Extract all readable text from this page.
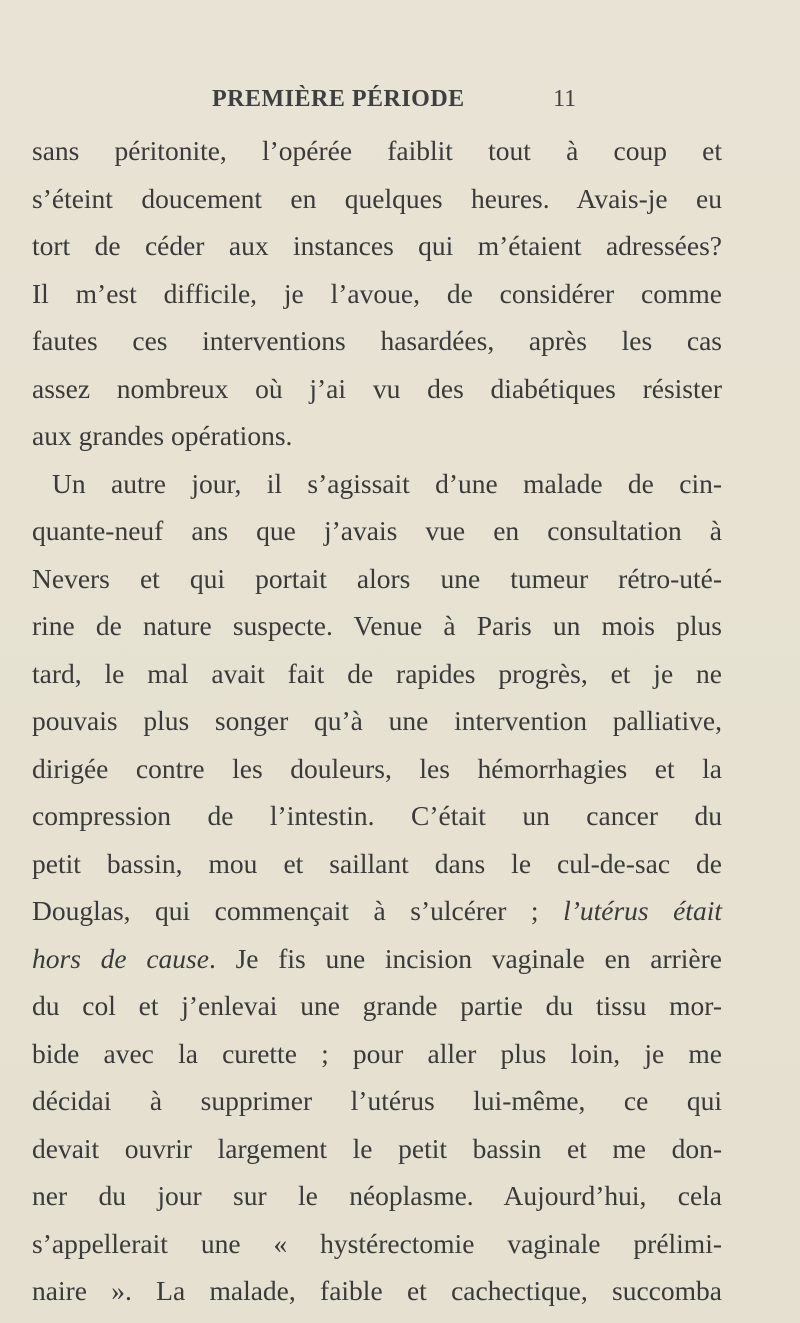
PREMIÈRE PÉRIODE	11
sans péritonite, l’opérée faiblit tout à coup et
s’éteint doucement en quelques heures. Avais-je eu
tort de céder aux instances qui m’étaient adressées?
Il m’est difficile, je l’avoue, de considérer comme
fautes ces interventions hasardées, après les cas
assez nombreux où j’ai vu des diabétiques résister
aux grandes opérations.
Un autre jour, il s’agissait d’une malade de cin-
quante-neuf ans que j’avais vue en consultation à
Nevers et qui portait alors une tumeur rétro-uté-
rine de nature suspecte. Venue à Paris un mois plus
tard, le mal avait fait de rapides progrès, et je ne
pouvais plus songer qu’à une intervention palliative,
dirigée contre les douleurs, les hémorrhagies et la
compression de l’intestin. C’était un cancer du
petit bassin, mou et saillant dans le cul-de-sac de
Douglas, qui commençait à s’ulcérer ; l’utérus était
hors de cause. Je fis une incision vaginale en arrière
du col et j’enlevai une grande partie du tissu mor-
bide avec la curette ; pour aller plus loin, je me
décidai à supprimer l’utérus lui-même, ce qui
devait ouvrir largement le petit bassin et me don-
ner du jour sur le néoplasme. Aujourd’hui, cela
s’appellerait une « hystérectomie vaginale prélimi-
naire ». La malade, faible et cachectique, succomba
